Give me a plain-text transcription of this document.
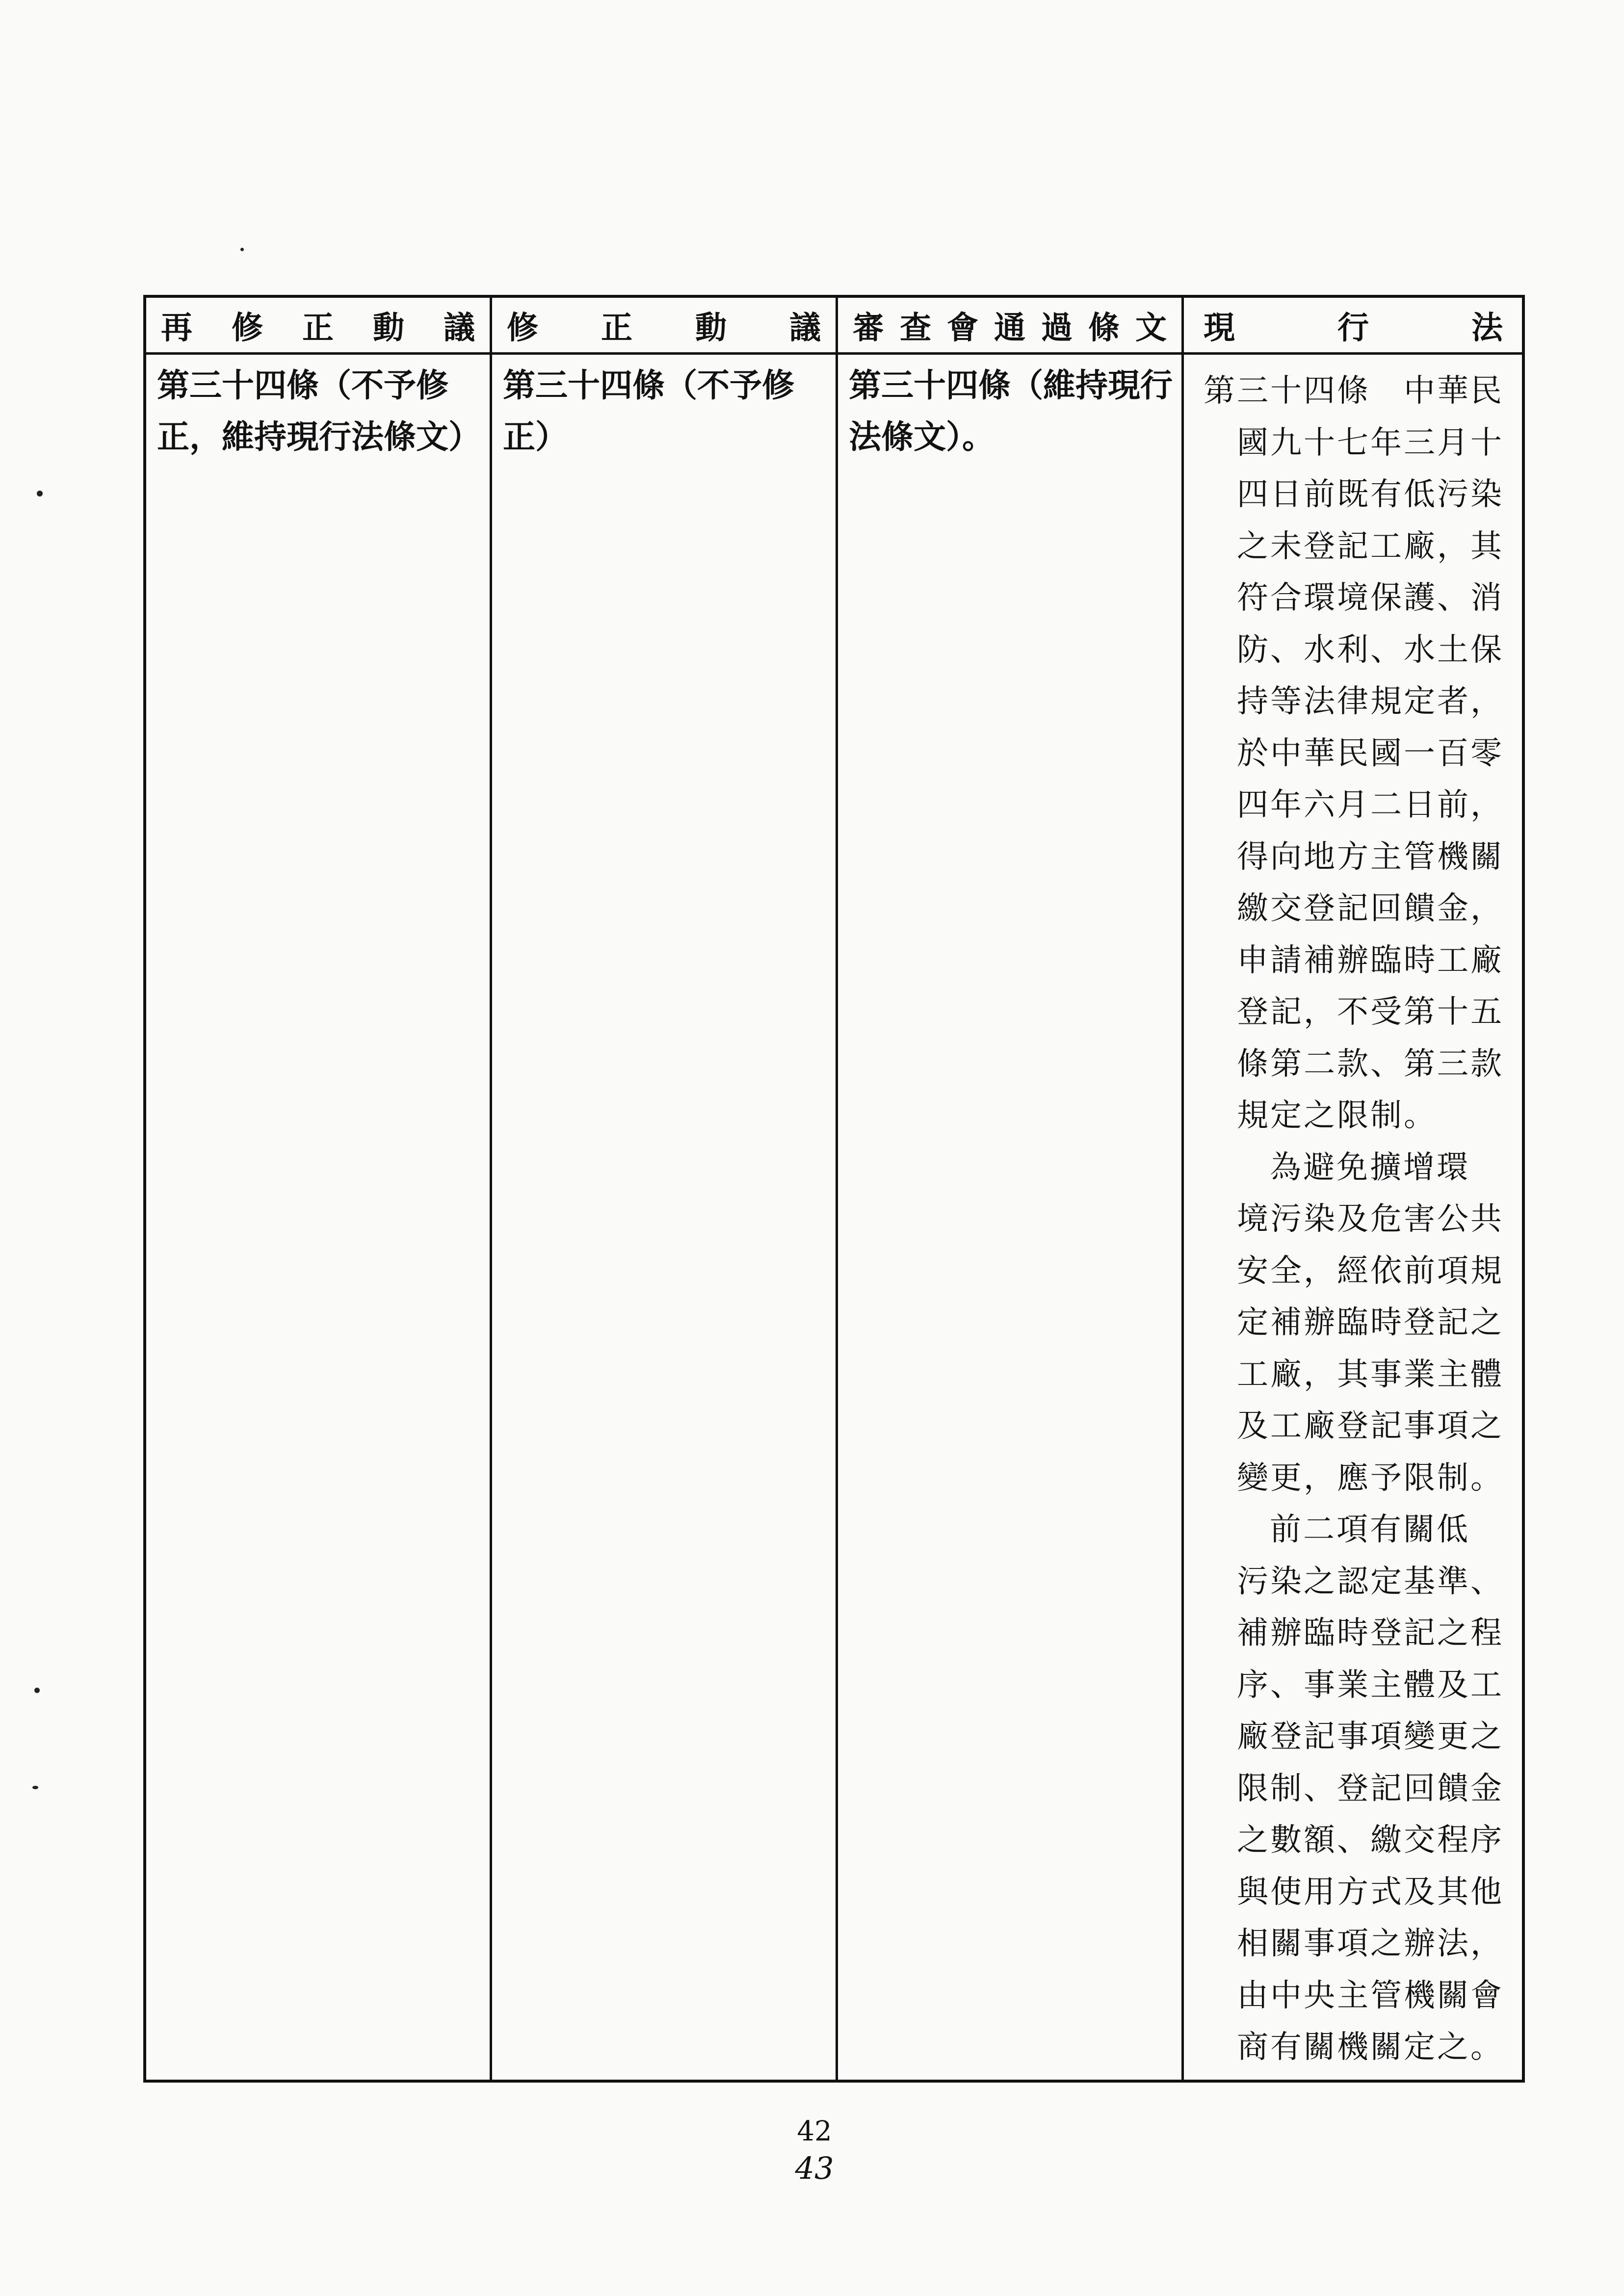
再 修 正 動 議 修 正 動 議 審 查 會 通 過 條 文 現	行	法
第三十四條（不予修正，維持現行法條文）
第三十四條（不予修正）
第三十四條（維持現行法條文）。
第三十四條　中華民
國九十七年三月十
四日前既有低污染
之未登記工廠，其
符合環境保護、消
防、水利、水土保
持等法律規定者，
於中華民國一百零
四年六月二日前，
得向地方主管機關
繳交登記回饋金，
申請補辦臨時工廠
登記，不受第十五
條第二款、第三款
規定之限制。
為避免擴增環
境污染及危害公共
安全，經依前項規
定補辦臨時登記之
工廠，其事業主體
及工廠登記事項之
變更，應予限制。
前二項有關低
污染之認定基準、
補辦臨時登記之程
序、事業主體及工
廠登記事項變更之
限制、登記回饋金
之數額、繳交程序
與使用方式及其他
相關事項之辦法，
由中央主管機關會
商有關機關定之。
42
43
